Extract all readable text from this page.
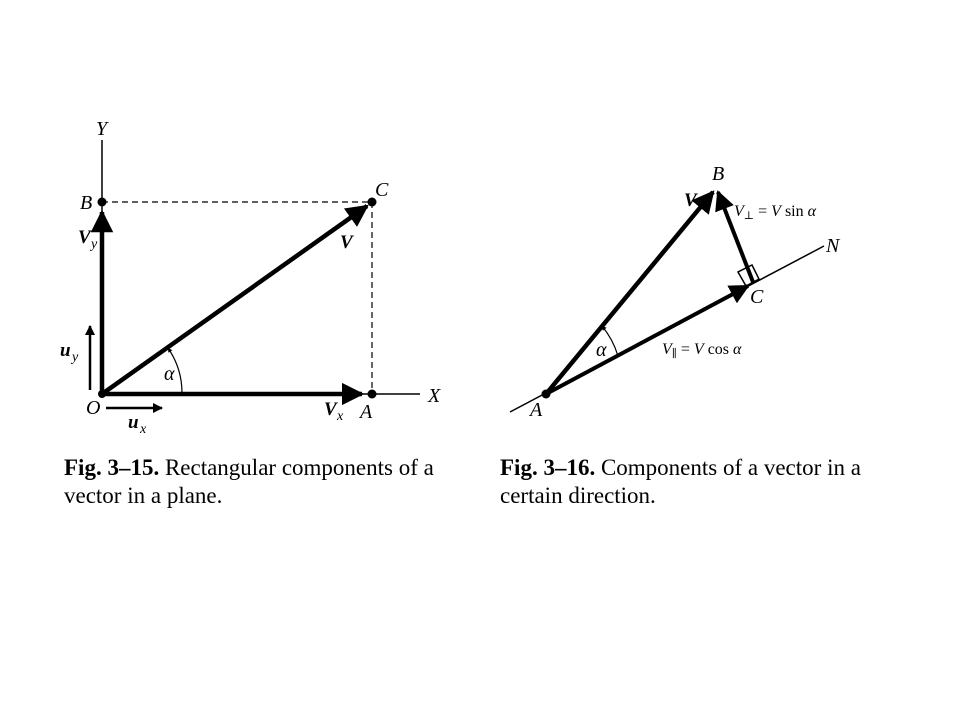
Y
X
O
B
C
A
V
V y
V x
u y
u x
α
A
B
C
N
V
α
V⊥ = V sin α
V∥ = V cos α
Fig. 3–15. Rectangular components of a
vector in a plane.
Fig. 3–16. Components of a vector in a
certain direction.
